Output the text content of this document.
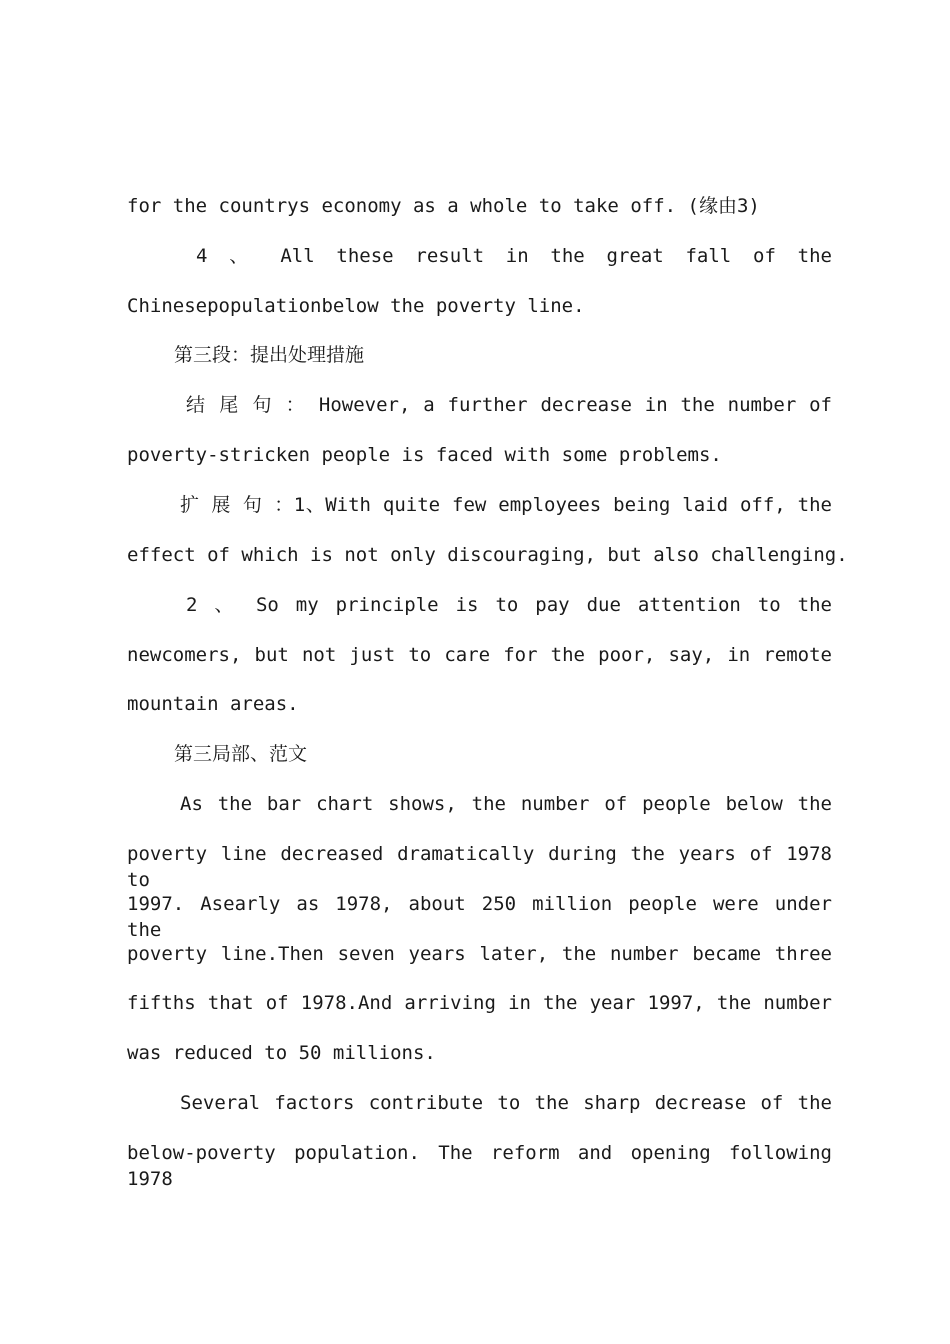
for the countrys economy as a whole to take off. (缘由3)
4 、 All these result in the great fall of the
Chinesepopulationbelow the poverty line.
第三段：提出处理措施
结 尾 句 ： However, a further decrease in the number of
poverty-stricken people is faced with some problems.
扩 展 句 ：1、With quite few employees being laid off, the
effect of which is not only discouraging, but also challenging.
2 、 So my principle is to pay due attention to the
newcomers, but not just to care for the poor, say, in remote
mountain areas.
第三局部、范文
As the bar chart shows, the number of people below the
poverty line decreased dramatically during the years of 1978 to
1997. Asearly as 1978, about 250 million people were under the
poverty line.Then seven years later, the number became three
fifths that of 1978.And arriving in the year 1997, the number
was reduced to 50 millions.
Several factors contribute to the sharp decrease of the
below-poverty population. The reform and opening following 1978
